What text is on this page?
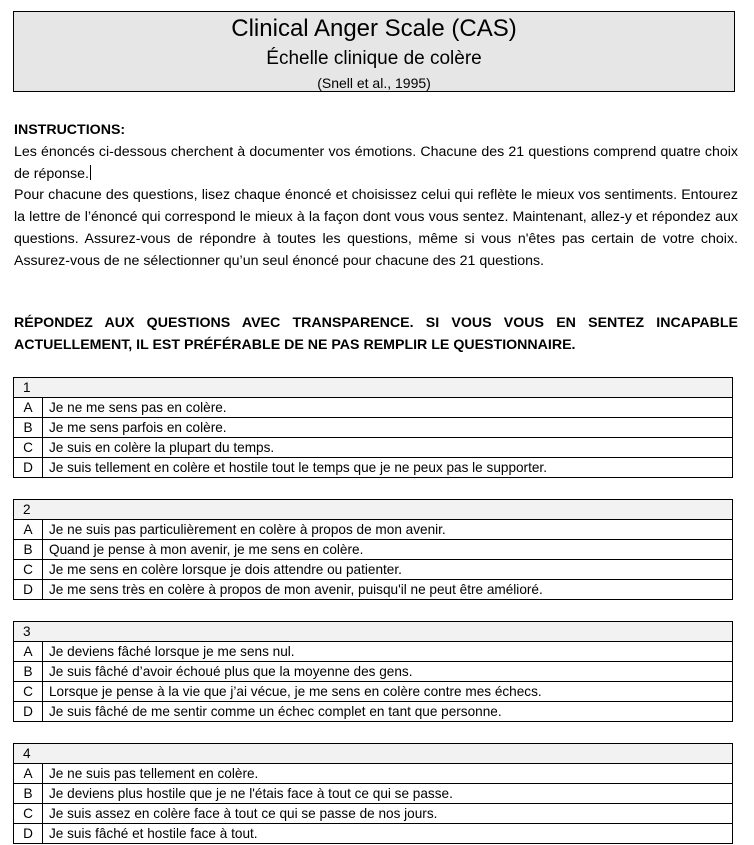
Clinical Anger Scale (CAS)
Échelle clinique de colère
(Snell et al., 1995)

INSTRUCTIONS:

Les énoncés ci-dessous cherchent à documenter vos émotions. Chacune des 21 questions comprend quatre choix de réponse.

Pour chacune des questions, lisez chaque énoncé et choisissez celui qui reflète le mieux vos sentiments. Entourez la lettre de l’énoncé qui correspond le mieux à la façon dont vous vous sentez. Maintenant, allez-y et répondez aux questions. Assurez-vous de répondre à toutes les questions, même si vous n'êtes pas certain de votre choix. Assurez-vous de ne sélectionner qu’un seul énoncé pour chacune des 21 questions.

RÉPONDEZ AUX QUESTIONS AVEC TRANSPARENCE. SI VOUS VOUS EN SENTEZ INCAPABLE ACTUELLEMENT, IL EST PRÉFÉRABLE DE NE PAS REMPLIR LE QUESTIONNAIRE.
1	
A	Je ne me sens pas en colère.
B	Je me sens parfois en colère.
C	Je suis en colère la plupart du temps.
D	Je suis tellement en colère et hostile tout le temps que je ne peux pas le supporter.
2	
A	Je ne suis pas particulièrement en colère à propos de mon avenir.
B	Quand je pense à mon avenir, je me sens en colère.
C	Je me sens en colère lorsque je dois attendre ou patienter.
D	Je me sens très en colère à propos de mon avenir, puisqu'il ne peut être amélioré.
3	
A	Je deviens fâché lorsque je me sens nul.
B	Je suis fâché d’avoir échoué plus que la moyenne des gens.
C	Lorsque je pense à la vie que j’ai vécue, je me sens en colère contre mes échecs.
D	Je suis fâché de me sentir comme un échec complet en tant que personne.
4	
A	Je ne suis pas tellement en colère.
B	Je deviens plus hostile que je ne l'étais face à tout ce qui se passe.
C	Je suis assez en colère face à tout ce qui se passe de nos jours.
D	Je suis fâché et hostile face à tout.
